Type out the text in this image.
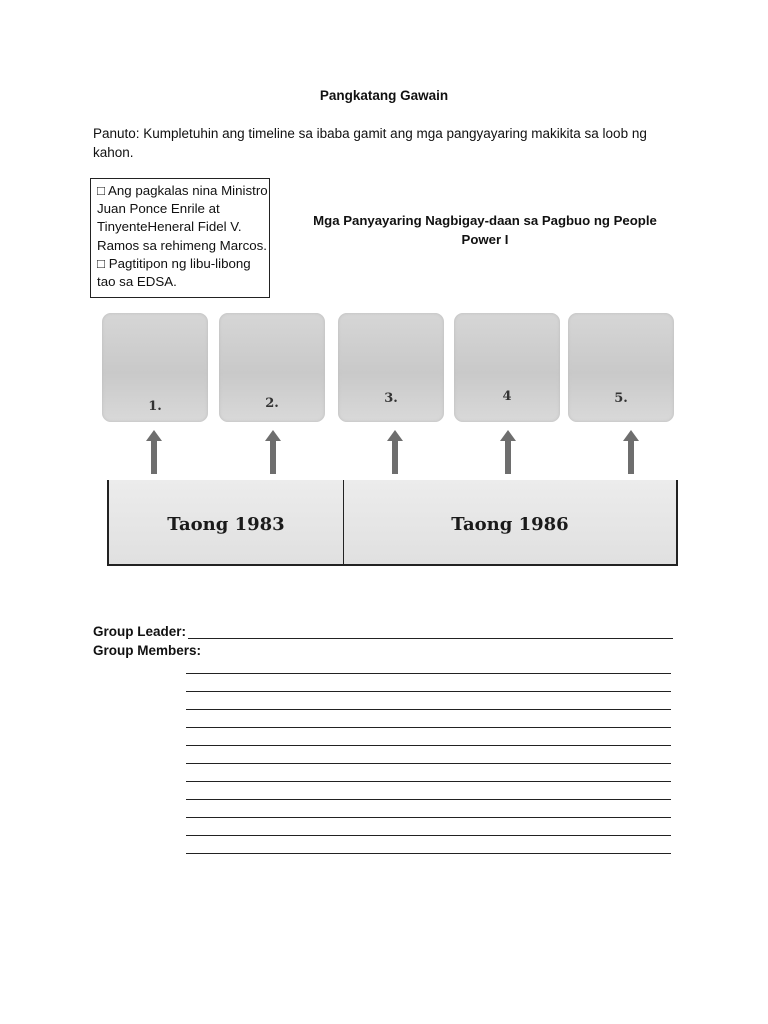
Pangkatang Gawain
Panuto: Kumpletuhin ang timeline sa ibaba gamit ang mga pangyayaring makikita sa loob ng kahon.

□ Ang pagkalas nina Ministro Juan Ponce Enrile at TinyenteHeneral Fidel V. Ramos sa rehimeng Marcos.

□ Pagtitipon ng libu-libong tao sa EDSA.

Mga Panyayaring Nagbigay-daan sa Pagbuo ng People Power I
1.	2.	3.	4	5.
Taong 1983	Taong 1986
Group Leader:
Group Members:
